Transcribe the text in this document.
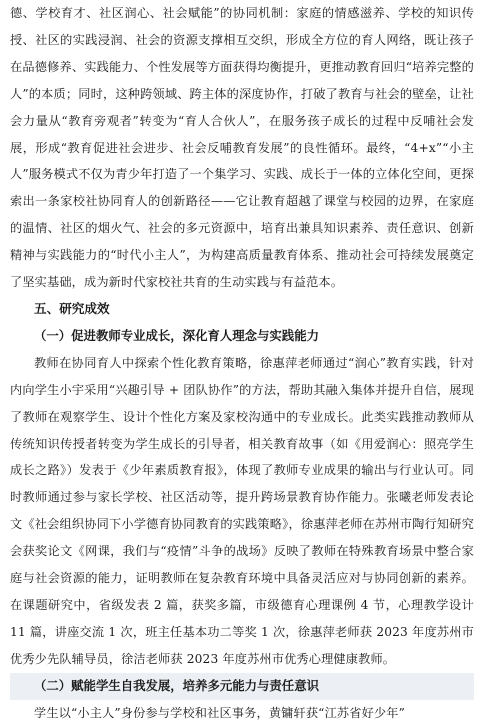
德、学校育才、社区润心、社会赋能”的协同机制：家庭的情感滋养、学校的知识传授、社区的实践浸润、社会的资源支撑相互交织，形成全方位的育人网络，既让孩子在品德修养、实践能力、个性发展等方面获得均衡提升，更推动教育回归“培养完整的人”的本质；同时，这种跨领域、跨主体的深度协作，打破了教育与社会的壁垒，让社会力量从“教育旁观者”转变为“育人合伙人”，在服务孩子成长的过程中反哺社会发展，形成“教育促进社会进步、社会反哺教育发展”的良性循环。最终，“4+x”“小主人”服务模式不仅为青少年打造了一个集学习、实践、成长于一体的立体化空间，更探索出一条家校社协同育人的创新路径——它让教育超越了课堂与校园的边界，在家庭的温情、社区的烟火气、社会的多元资源中，培育出兼具知识素养、责任意识、创新精神与实践能力的“时代小主人”，为构建高质量教育体系、推动社会可持续发展奠定了坚实基础，成为新时代家校社共育的生动实践与有益范本。

五、研究成效

（一）促进教师专业成长，深化育人理念与实践能力

教师在协同育人中探索个性化教育策略，徐惠萍老师通过“润心”教育实践，针对内向学生小宇采用“兴趣引导 + 团队协作”的方法，帮助其融入集体并提升自信，展现了教师在观察学生、设计个性化方案及家校沟通中的专业成长。此类实践推动教师从传统知识传授者转变为学生成长的引导者，相关教育故事（如《用爱润心：照亮学生成长之路》）发表于《少年素质教育报》，体现了教师专业成果的输出与行业认可。同时教师通过参与家长学校、社区活动等，提升跨场景教育协作能力。张曦老师发表论文《社会组织协同下小学德育协同教育的实践策略》，徐惠萍老师在苏州市陶行知研究会获奖论文《网课，我们与“疫情”斗争的战场》反映了教师在特殊教育场景中整合家庭与社会资源的能力，证明教师在复杂教育环境中具备灵活应对与协同创新的素养。在课题研究中，省级发表 2 篇，获奖多篇，市级德育心理课例 4 节，心理教学设计 11 篇，讲座交流 1 次，班主任基本功二等奖 1 次，徐惠萍老师获 2023 年度苏州市优秀少先队辅导员，徐洁老师获 2023 年度苏州市优秀心理健康教师。

（二）赋能学生自我发展，培养多元能力与责任意识

学生以“小主人”身份参与学校和社区事务，黄镛轩获“江苏省好少年”
